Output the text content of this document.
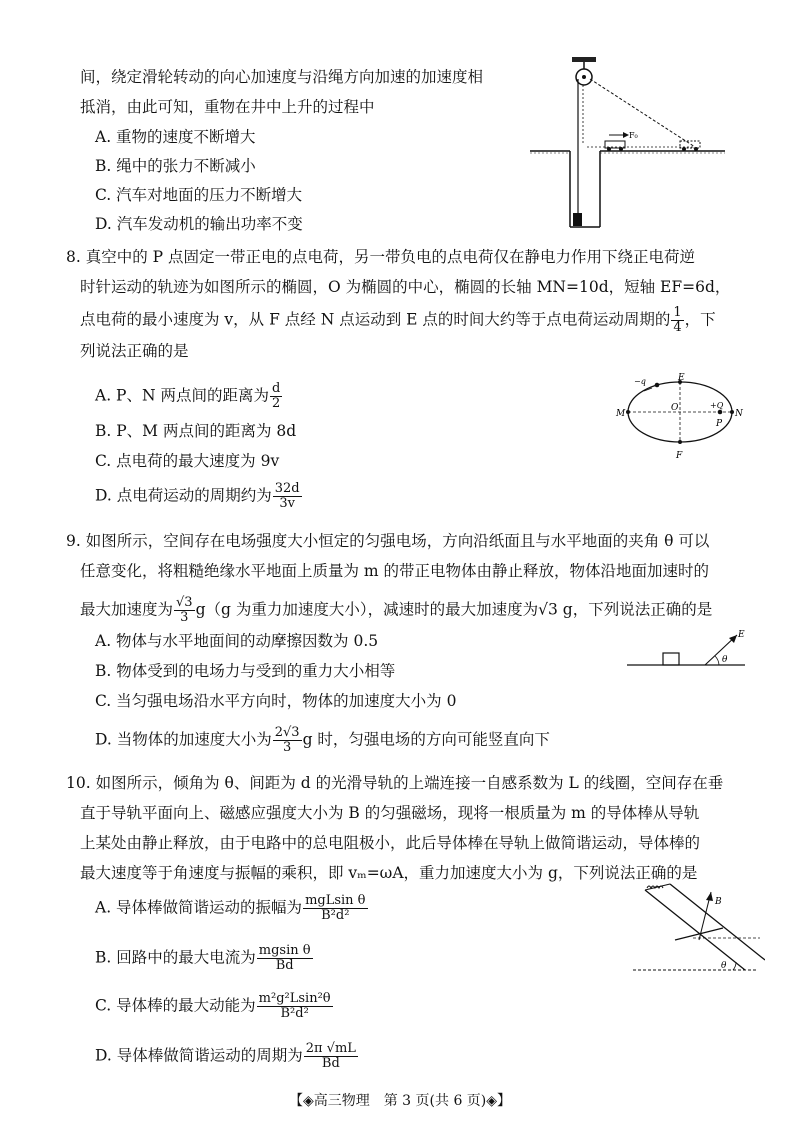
间，绕定滑轮转动的向心加速度与沿绳方向加速的加速度相
抵消，由此可知，重物在井中上升的过程中
A. 重物的速度不断增大
B. 绳中的张力不断减小
C. 汽车对地面的压力不断增大
D. 汽车发动机的输出功率不变
F₀
8. 真空中的 P 点固定一带正电的点电荷，另一带负电的点电荷仅在静电力作用下绕正电荷逆
时针运动的轨迹为如图所示的椭圆，O 为椭圆的中心，椭圆的长轴 MN=10d，短轴 EF=6d，
点电荷的最小速度为 v，从 F 点经 N 点运动到 E 点的时间大约等于点电荷运动周期的 $\frac{1}{4}$ ，下
列说法正确的是
A. P、N 两点间的距离为 $\frac{d}{2}$
B. P、M 两点间的距离为 8d
C. 点电荷的最大速度为 9v
D. 点电荷运动的周期约为 $\frac{32d}{3v}$
E
F
M	N
O
P
+Q
−q
9. 如图所示，空间存在电场强度大小恒定的匀强电场，方向沿纸面且与水平地面的夹角 θ 可以
任意变化，将粗糙绝缘水平地面上质量为 m 的带正电物体由静止释放，物体沿地面加速时的
最大加速度为 $\frac{√3}{3} g(g$ 为重力加速度大小），减速时的最大加速度为√3 g，下列说法正确的是
A. 物体与水平地面间的动摩擦因数为 0.5
B. 物体受到的电场力与受到的重力大小相等
C. 当匀强电场沿水平方向时，物体的加速度大小为 0
D. 当物体的加速度大小为 $\frac{2√3}{3}$ g 时，匀强电场的方向可能竖直向下
E
θ
10. 如图所示，倾角为 θ、间距为 d 的光滑导轨的上端连接一自感系数为 L 的线圈，空间存在垂
直于导轨平面向上、磁感应强度大小为 B 的匀强磁场，现将一根质量为 m 的导体棒从导轨
上某处由静止释放，由于电路中的总电阻极小，此后导体棒在导轨上做简谐运动，导体棒的
最大速度等于角速度与振幅的乘积，即 vₘ=ωA，重力加速度大小为 g，下列说法正确的是
A. 导体棒做简谐运动的振幅为 $\frac{\text{mgLsin θ}}{\text{B²d²}}$
B. 回路中的最大电流为 $\frac{\text{mgsin θ}}{Bd}$
C. 导体棒的最大动能为 $\frac{\text{m²g²Lsin²θ}}{\text{B²d²}}$
D. 导体棒做简谐运动的周期为 $\frac{2\pi √mL}{Bd}$
B
θ
【◈高三物理　第 3 页(共 6 页)◈】
